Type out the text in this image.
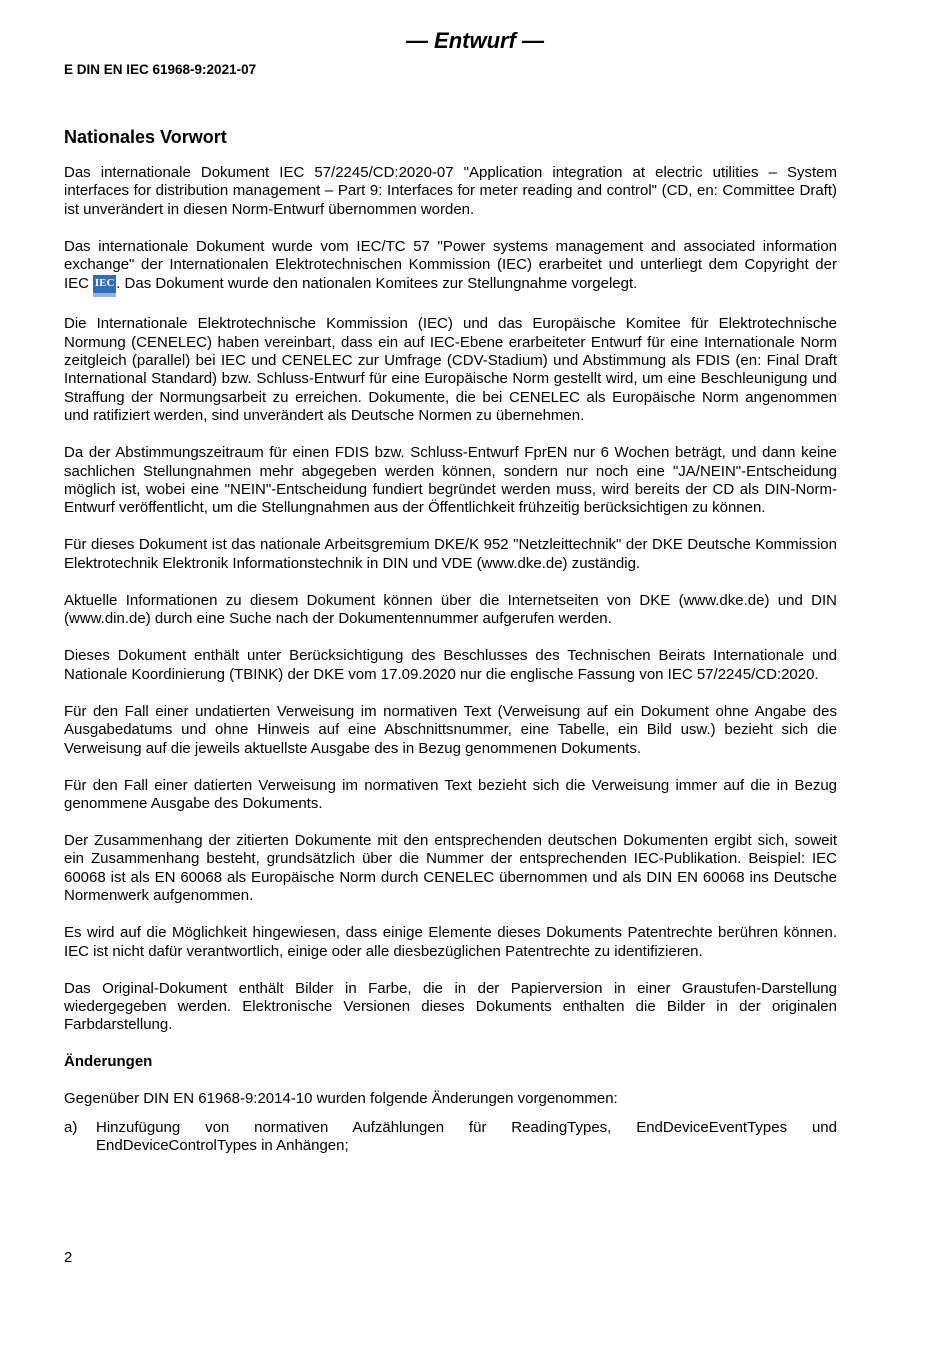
— Entwurf —
E DIN EN IEC 61968-9:2021-07
Nationales Vorwort

Das internationale Dokument IEC 57/2245/CD:2020-07 "Application integration at electric utilities – System interfaces for distribution management – Part 9: Interfaces for meter reading and control" (CD, en: Committee Draft) ist unverändert in diesen Norm-Entwurf übernommen worden.

Das internationale Dokument wurde vom IEC/TC 57 "Power systems management and associated information exchange" der Internationalen Elektrotechnischen Kommission (IEC) erarbeitet und unterliegt dem Copyright der IEC IEC . Das Dokument wurde den nationalen Komitees zur Stellungnahme vorgelegt.

Die Internationale Elektrotechnische Kommission (IEC) und das Europäische Komitee für Elektrotechnische Normung (CENELEC) haben vereinbart, dass ein auf IEC-Ebene erarbeiteter Entwurf für eine Internationale Norm zeitgleich (parallel) bei IEC und CENELEC zur Umfrage (CDV-Stadium) und Abstimmung als FDIS (en: Final Draft International Standard) bzw. Schluss-Entwurf für eine Europäische Norm gestellt wird, um eine Beschleunigung und Straffung der Normungsarbeit zu erreichen. Dokumente, die bei CENELEC als Europäische Norm angenommen und ratifiziert werden, sind unverändert als Deutsche Normen zu übernehmen.

Da der Abstimmungszeitraum für einen FDIS bzw. Schluss-Entwurf FprEN nur 6 Wochen beträgt, und dann keine sachlichen Stellungnahmen mehr abgegeben werden können, sondern nur noch eine "JA/NEIN"-Entscheidung möglich ist, wobei eine "NEIN"-Entscheidung fundiert begründet werden muss, wird bereits der CD als DIN-Norm-Entwurf veröffentlicht, um die Stellungnahmen aus der Öffentlichkeit frühzeitig berücksichtigen zu können.

Für dieses Dokument ist das nationale Arbeitsgremium DKE/K 952 "Netzleittechnik" der DKE Deutsche Kommission Elektrotechnik Elektronik Informationstechnik in DIN und VDE (www.dke.de) zuständig.

Aktuelle Informationen zu diesem Dokument können über die Internetseiten von DKE (www.dke.de) und DIN (www.din.de) durch eine Suche nach der Dokumentennummer aufgerufen werden.

Dieses Dokument enthält unter Berücksichtigung des Beschlusses des Technischen Beirats Internationale und Nationale Koordinierung (TBINK) der DKE vom 17.09.2020 nur die englische Fassung von IEC 57/2245/CD:2020.

Für den Fall einer undatierten Verweisung im normativen Text (Verweisung auf ein Dokument ohne Angabe des Ausgabedatums und ohne Hinweis auf eine Abschnittsnummer, eine Tabelle, ein Bild usw.) bezieht sich die Verweisung auf die jeweils aktuellste Ausgabe des in Bezug genommenen Dokuments.

Für den Fall einer datierten Verweisung im normativen Text bezieht sich die Verweisung immer auf die in Bezug genommene Ausgabe des Dokuments.

Der Zusammenhang der zitierten Dokumente mit den entsprechenden deutschen Dokumenten ergibt sich, soweit ein Zusammenhang besteht, grundsätzlich über die Nummer der entsprechenden IEC-Publikation. Beispiel: IEC 60068 ist als EN 60068 als Europäische Norm durch CENELEC übernommen und als DIN EN 60068 ins Deutsche Normenwerk aufgenommen.

Es wird auf die Möglichkeit hingewiesen, dass einige Elemente dieses Dokuments Patentrechte berühren können. IEC ist nicht dafür verantwortlich, einige oder alle diesbezüglichen Patentrechte zu identifizieren.

Das Original-Dokument enthält Bilder in Farbe, die in der Papierversion in einer Graustufen-Darstellung wiedergegeben werden. Elektronische Versionen dieses Dokuments enthalten die Bilder in der originalen Farbdarstellung.

Änderungen

Gegenüber DIN EN 61968-9:2014-10 wurden folgende Änderungen vorgenommen:

a)	Hinzufügung von normativen Aufzählungen für ReadingTypes, EndDeviceEventTypes und EndDeviceControlTypes in Anhängen;
2
